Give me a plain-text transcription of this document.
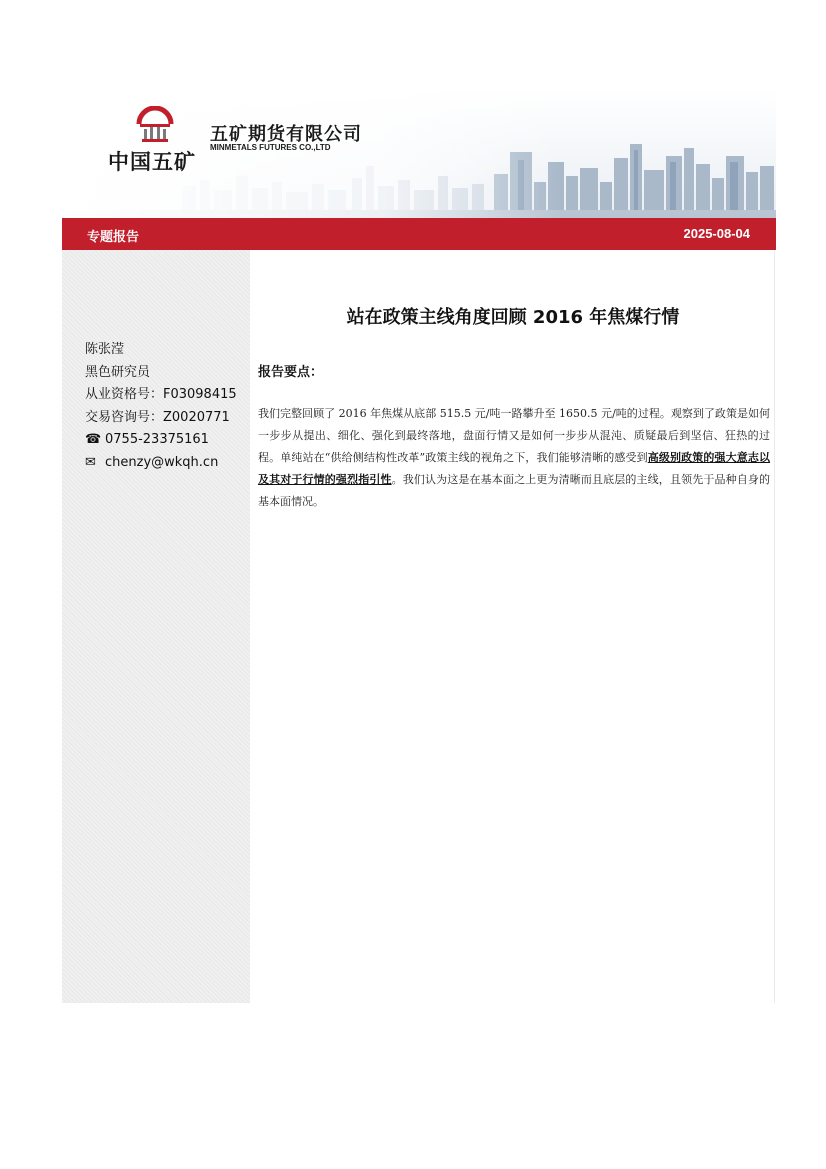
中国五矿
五矿期货有限公司
MINMETALS FUTURES CO.,LTD
专题报告	2025-08-04
陈张滢
黑色研究员
从业资格号：F03098415
交易咨询号：Z0020771
☎ 0755-23375161
✉ chenzy@wkqh.cn
站在政策主线角度回顾 2016 年焦煤行情
报告要点：
我们完整回顾了 2016 年焦煤从底部 515.5 元/吨一路攀升至 1650.5 元/吨的过程。观察到了政策是如何一步步从提出、细化、强化到最终落地，盘面行情又是如何一步步从混沌、质疑最后到坚信、狂热的过程。单纯站在“供给侧结构性改革”政策主线的视角之下，我们能够清晰的感受到高级别政策的强大意志以及其对于行情的强烈指引性。我们认为这是在基本面之上更为清晰而且底层的主线，且领先于品种自身的基本面情况。
